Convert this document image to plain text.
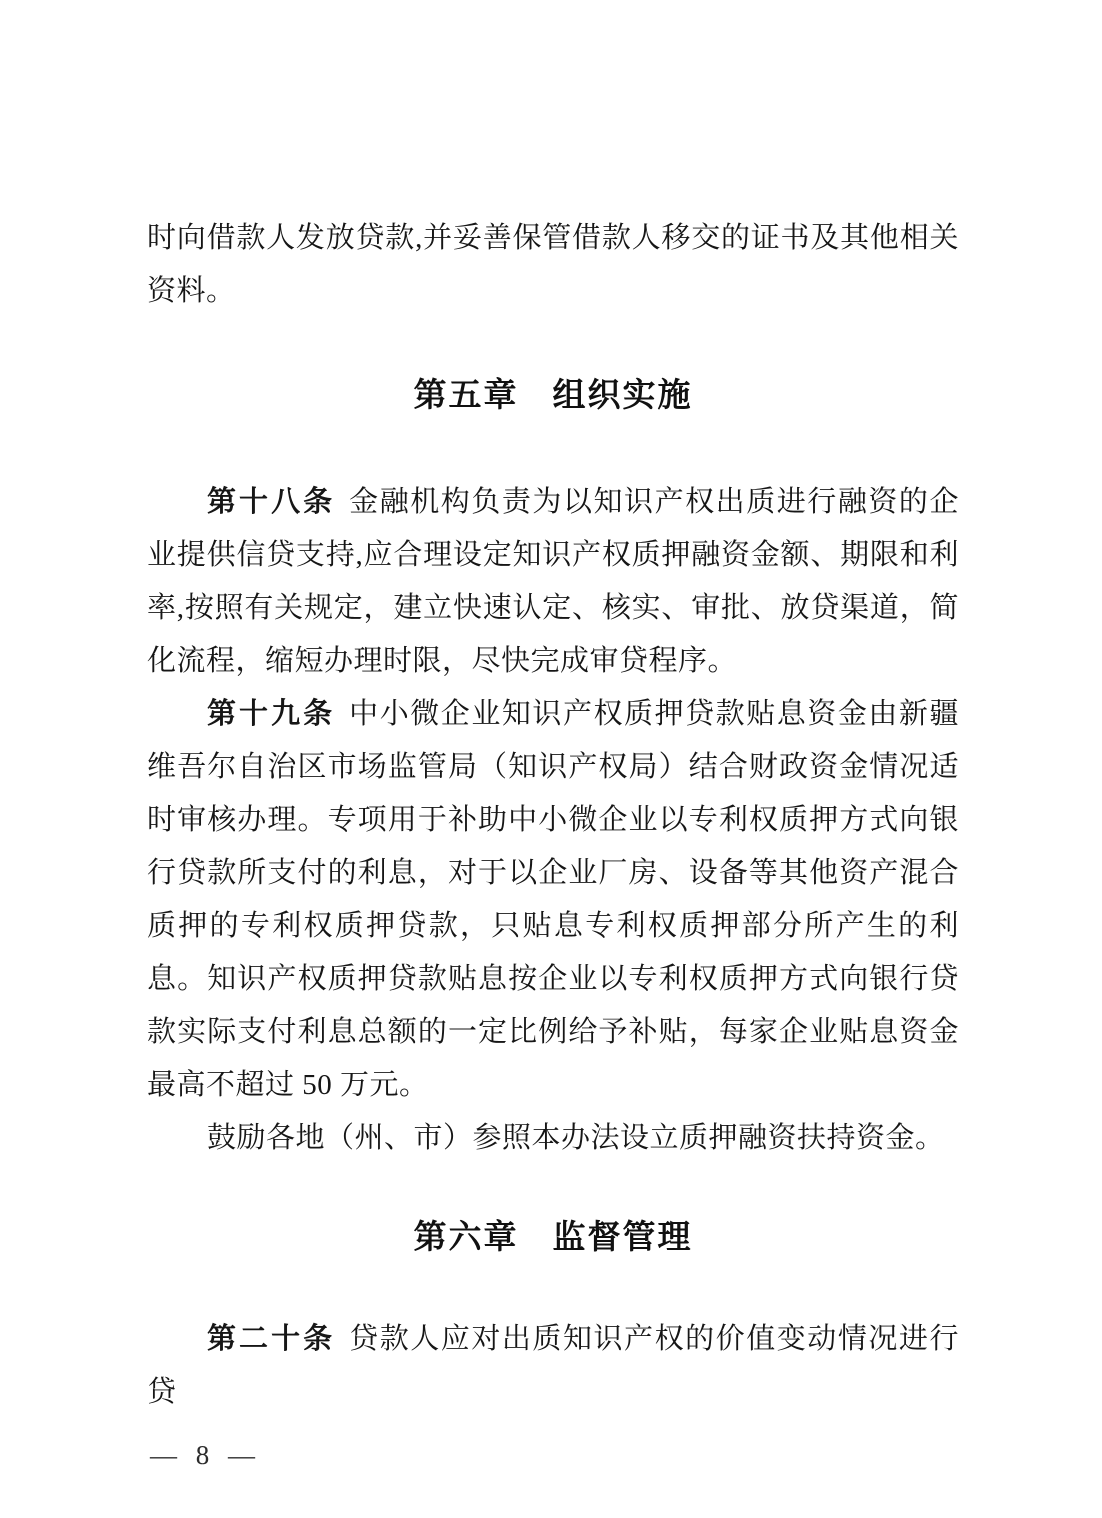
时向借款人发放贷款,并妥善保管借款人移交的证书及其他相关资料。

第五章 组织实施

第十八条 金融机构负责为以知识产权出质进行融资的企业提供信贷支持,应合理设定知识产权质押融资金额、期限和利率,按照有关规定，建立快速认定、核实、审批、放贷渠道，简化流程，缩短办理时限，尽快完成审贷程序。

第十九条 中小微企业知识产权质押贷款贴息资金由新疆维吾尔自治区市场监管局（知识产权局）结合财政资金情况适时审核办理。专项用于补助中小微企业以专利权质押方式向银行贷款所支付的利息，对于以企业厂房、设备等其他资产混合质押的专利权质押贷款，只贴息专利权质押部分所产生的利息。知识产权质押贷款贴息按企业以专利权质押方式向银行贷款实际支付利息总额的一定比例给予补贴，每家企业贴息资金最高不超过 50 万元。

鼓励各地（州、市）参照本办法设立质押融资扶持资金。

第六章 监督管理

第二十条 贷款人应对出质知识产权的价值变动情况进行贷

— 8 —
